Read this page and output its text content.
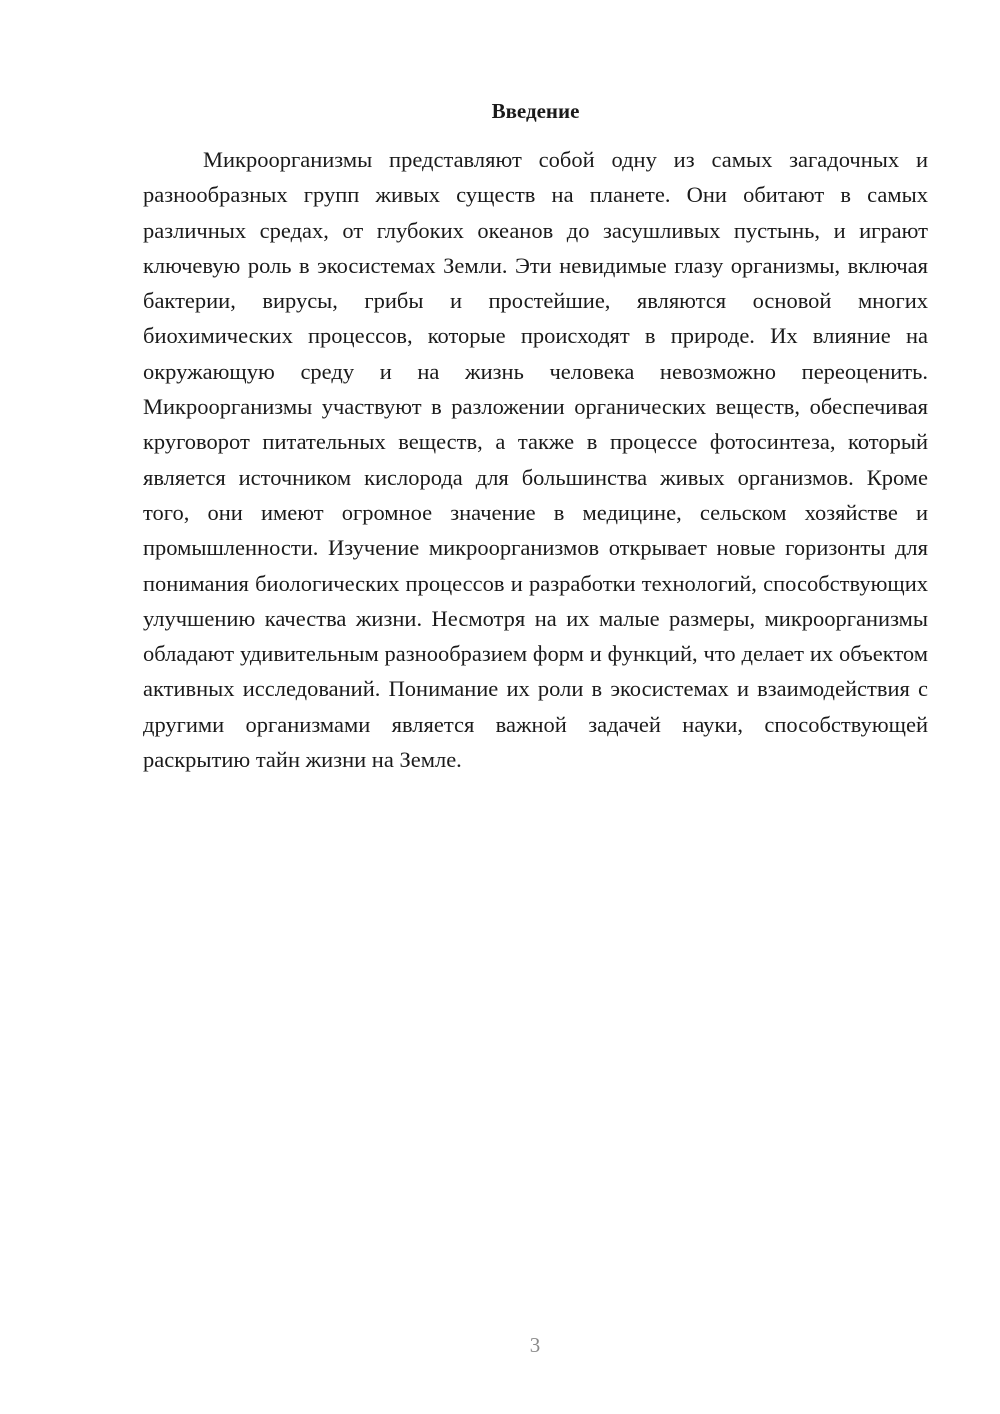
Введение

Микроорганизмы представляют собой одну из самых загадочных и разнообразных групп живых существ на планете. Они обитают в самых различных средах, от глубоких океанов до засушливых пустынь, и играют ключевую роль в экосистемах Земли. Эти невидимые глазу организмы, включая бактерии, вирусы, грибы и простейшие, являются основой многих биохимических процессов, которые происходят в природе. Их влияние на окружающую среду и на жизнь человека невозможно переоценить. Микроорганизмы участвуют в разложении органических веществ, обеспечивая круговорот питательных веществ, а также в процессе фотосинтеза, который является источником кислорода для большинства живых организмов. Кроме того, они имеют огромное значение в медицине, сельском хозяйстве и промышленности. Изучение микроорганизмов открывает новые горизонты для понимания биологических процессов и разработки технологий, способствующих улучшению качества жизни. Несмотря на их малые размеры, микроорганизмы обладают удивительным разнообразием форм и функций, что делает их объектом активных исследований. Понимание их роли в экосистемах и взаимодействия с другими организмами является важной задачей науки, способствующей раскрытию тайн жизни на Земле.

3
